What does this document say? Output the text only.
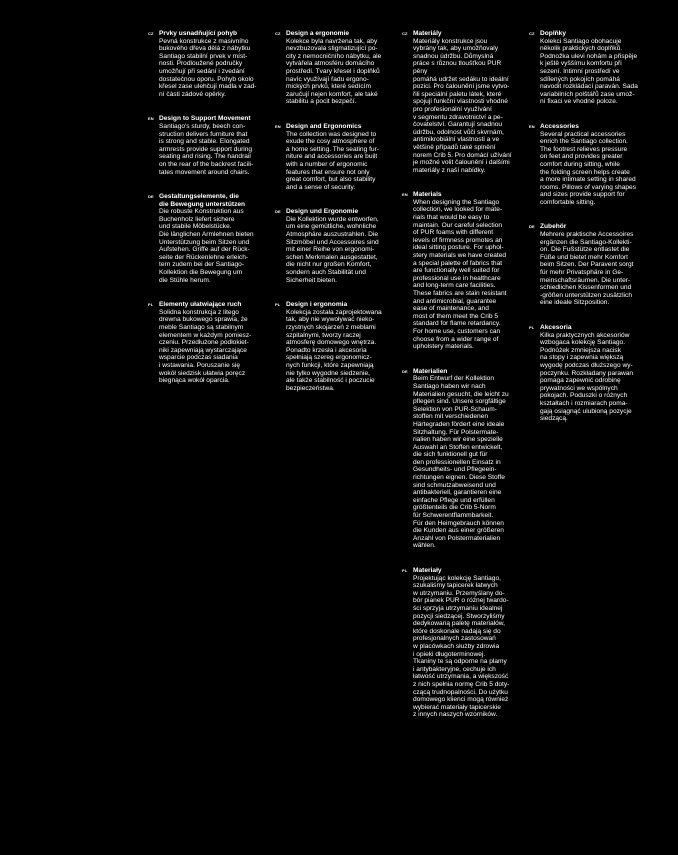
CZ Prvky usnadňující pohyb
Pevná konstrukce z masivního
bukového dřeva dělá z nábytku
Santiago stabilní prvek v míst-
nosti. Prodloužené područky
umožňují při sedání i zvedání
dostatečnou oporu. Pohyb okolo
křesel zase ulehčují madla v zad-
ní části zádové opěrky.
EN Design to Support Movement
Santiago's sturdy, beech con-
struction delivers furniture that
is strong and stable. Elongated
armrests provide support during
seating and rising. The handrail
on the rear of the backrest facili-
tates movement around chairs.
DE Gestaltungselemente, die
die Bewegung unterstützen
Die robuste Konstruktion aus
Buchenholz liefert sichere
und stabile Möbelstücke.
Die länglichen Armlehnen bieten
Unterstützung beim Sitzen und
Aufstehen. Griffe auf der Rück-
seite der Rückenlehne erleich-
tern zudem bei der Santiago-
Kollektion die Bewegung um
die Stühle herum.
PL Elementy ułatwiające ruch
Solidna konstrukcja z litego
drewna bukowego sprawia, że
meble Santiago są stabilnym
elementem w każdym pomiesz-
czeniu. Przedłużone podłokiet-
niki zapewniają wystarczające
wsparcie podczas siadania
i wstawania. Poruszanie się
wokół siedzisk ułatwia poręcz
biegnąca wokół oparcia.
CZ Design a ergonomie
Kolekce byla navržena tak, aby
nevzbuzovala stigmatizující po-
city z nemocničního nábytku, ale
vytvářela atmosféru domácího
prostředí. Tvary křesel i doplňků
navíc využívají řadu ergono-
mických prvků, které sedícím
zaručují nejen komfort, ale také
stabilitu a pocit bezpečí.
EN Design and Ergonomics
The collection was designed to
exude the cosy atmosphere of
a home setting. The seating fur-
niture and accessories are built
with a number of ergonomic
features that ensure not only
great comfort, but also stability
and a sense of security.
DE Design und Ergonomie
Die Kollektion wurde entworfen,
um eine gemütliche, wohnliche
Atmosphäre auszustrahlen. Die
Sitzmöbel und Accessoires sind
mit einer Reihe von ergonomi-
schen Merkmalen ausgestattet,
die nicht nur großen Komfort,
sondern auch Stabilität und
Sicherheit bieten.
PL Design i ergonomia
Kolekcja została zaprojektowana
tak, aby nie wywoływać niеko-
rzystnych skojarzeń z meblami
szpitalnymi, tworzy raczej
atmosferę domowego wnętrza.
Ponadto krzesła i akcesoria
spełniają szereg ergonomicz-
nych funkcji, które zapewniają
nie tylko wygodne siedzenie,
ale także stabilność i poczucie
bezpieczeństwa.
CZ Materiály
Materiály konstrukce jsou
vybrány tak, aby umožňovaly
snadnou údržbu. Důmyslná
práce s různou tloušťkou PUR pěny
pomáhá udržet sedáku to ideální
pozici. Pro čalounění jsme vytvo-
řili speciální paletu látek, které
spojují funkční vlastnosti vhodné
pro profesionální využívání
v segmentu zdravotnictví a pe-
čovatelství. Garantují snadnou
údržbu, odolnost vůči skvrnám,
antimikrobiální vlastnosti a ve
většině případů také splnění
norem Crib 5. Pro domácí užívání
je možné volit čalounění i dalšími
materiály z naší nabídky.
EN Materials
When designing the Santiago
collection, we looked for mate-
rials that would be easy to
maintain. Our careful selection
of PUR foams with different
levels of firmness promotes an
ideal sitting posture. For uphol-
stery materials we have created
a special palette of fabrics that
are functionally well suited for
professional use in healthcare
and long-term care facilities.
These fabrics are stain resistant
and antimicrobial, guarantee
ease of maintenance, and
most of them meet the Crib 5
standard for flame retardancy.
For home use, customers can
choose from a wider range of
upholstery materials.
DE Materialien
Beim Entwurf der Kollektion
Santiago haben wir nach
Materialien gesucht, die leicht zu
pflegen sind. Unsere sorgfältige
Selektion von PUR-Schaum-
stoffen mit verschiedenen
Härtegraden fördert eine ideale
Sitzhaltung. Für Polstermate-
rialien haben wir eine spezielle
Auswahl an Stoffen entwickelt,
die sich funktionell gut für
den professionellen Einsatz in
Gesundheits- und Pflegeein-
richtungen eignen. Diese Stoffe
sind schmutzabweisend und
antibakteriell, garantieren eine
einfache Pflege und erfüllen
größtenteils die Crib 5-Norm
für Schwerentflammbarkeit.
Für den Heimgebrauch können
die Kunden aus einer größeren
Anzahl von Polstermaterialien
wählen.
PL Materiały
Projektując kolekcję Santiago,
szukaliśmy tapicerek łatwych
w utrzymaniu. Przemyślany do-
bór pianek PUR o różnej twardo-
ści sprzyja utrzymaniu idealnej
pozycji siedzącej. Stworzyliśmy
dedykowaną paletę materiałów,
które doskonale nadają się do
profesjonalnych zastosowań
w placówkach służby zdrowia
i opieki długoterminowej.
Tkaniny te są odporne na plamy
i antybakteryjne, cechuje ich
łatwość utrzymania, a większość
z nich spełnia normę Crib 5 doty-
czącą trudnopalności. Do użytku
domowego klienci mogą również
wybierać materiały tapicerskie
z innych naszych wzorników.
CZ Doplňky
Kolekci Santiago obohacuje
několik praktických doplňků.
Podnožka ulevi nohám a přispěje
k ještě vyššímu komfortu při
sezení. Intimní prostředí ve
sdílených pokojích pomáhá
navodit rozkládací paraván. Sada
variabilních polštářů zase umož-
ní fixaci ve vhodné poloze.
EN Accessories
Several practical accessories
enrich the Santiago collection.
The footrest relieves pressure
on feet and provides greater
comfort during sitting, while
the folding screen helps create
a more intimate setting in shared
rooms. Pillows of varying shapes
and sizes provide support for
comfortable sitting.
DE Zubehör
Mehrere praktische Accessoires
ergänzen die Santiago-Kollekti-
on. Die Fußstütze entlastet die
Füße und bietet mehr Komfort
beim Sitzen. Der Paravent sorgt
für mehr Privatsphäre in Ge-
meinschaftsräumen. Die unter-
schiedlichen Kissenformen und
-größen unterstützen zusätzlich
eine ideale Sitzposition.
PL Akcesoria
Kilka praktycznych akcesoriów
wzbogaca kolekcję Santiago.
Podnóżek zmniejsza nacisk
na stopy i zapewnia większą
wygodę podczas dłuższego wy-
poczynku. Rozkładany parawan
pomaga zapewnić odrobinę
prywatności we wspólnych
pokojach. Poduszki o różnych
kształtach i rozmiarach poma-
gają osiągnąć ulubioną pozycje
siedzącą.
